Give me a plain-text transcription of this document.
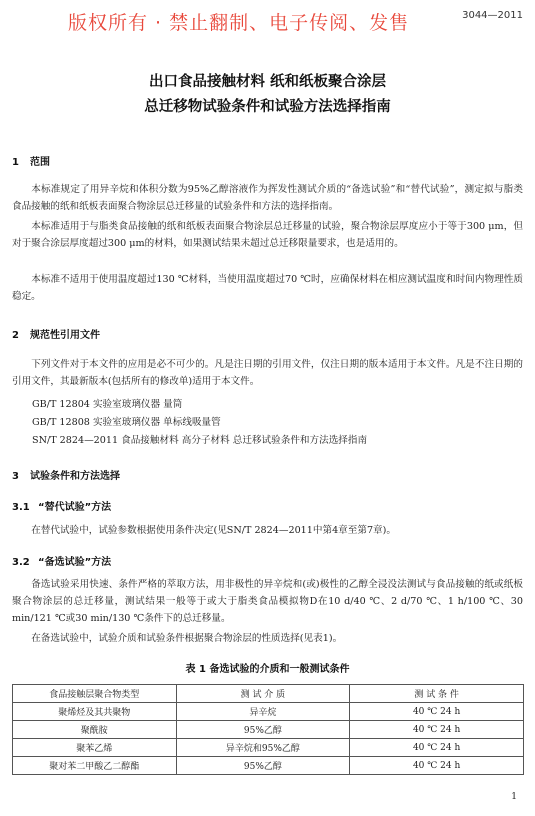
版权所有 · 禁止翻制、电子传阅、发售	3044—2011
出口食品接触材料 纸和纸板聚合涂层
总迁移物试验条件和试验方法选择指南
1 范围

本标准规定了用异辛烷和体积分数为95%乙醇溶液作为挥发性测试介质的“备选试验”和“替代试验”，测定拟与脂类食品接触的纸和纸板表面聚合物涂层总迁移量的试验条件和方法的选择指南。

本标准适用于与脂类食品接触的纸和纸板表面聚合物涂层总迁移量的试验，聚合物涂层厚度应小于等于300 μm，但对于聚合涂层厚度超过300 μm的材料，如果测试结果未超过总迁移限量要求，也是适用的。

本标准不适用于使用温度超过130 ℃材料，当使用温度超过70 ℃时，应确保材料在相应测试温度和时间内物理性质稳定。

2 规范性引用文件

下列文件对于本文件的应用是必不可少的。凡是注日期的引用文件，仅注日期的版本适用于本文件。凡是不注日期的引用文件，其最新版本(包括所有的修改单)适用于本文件。

GB/T 12804 实验室玻璃仪器 量筒
GB/T 12808 实验室玻璃仪器 单标线吸量管
SN/T 2824—2011 食品接触材料 高分子材料 总迁移试验条件和方法选择指南
3 试验条件和方法选择
3.1 “替代试验”方法

在替代试验中，试验参数根据使用条件决定(见SN/T 2824—2011中第4章至第7章)。

3.2 “备选试验”方法

备选试验采用快速、条件严格的萃取方法，用非极性的异辛烷和(或)极性的乙醇全浸没法测试与食品接触的纸或纸板聚合物涂层的总迁移量，测试结果一般等于或大于脂类食品模拟物D在10 d/40 ℃、2 d/70 ℃、1 h/100 ℃、30 min/121 ℃或30 min/130 ℃条件下的总迁移量。

在备选试验中，试验介质和试验条件根据聚合物涂层的性质选择(见表1)。

表 1 备选试验的介质和一般测试条件
食品接触层聚合物类型	测 试 介 质	测 试 条 件
聚烯烃及其共聚物	异辛烷	40 ℃ 24 h
聚酰胺	95%乙醇	40 ℃ 24 h
聚苯乙烯	异辛烷和95%乙醇	40 ℃ 24 h
聚对苯二甲酸乙二醇酯	95%乙醇	40 ℃ 24 h
1
